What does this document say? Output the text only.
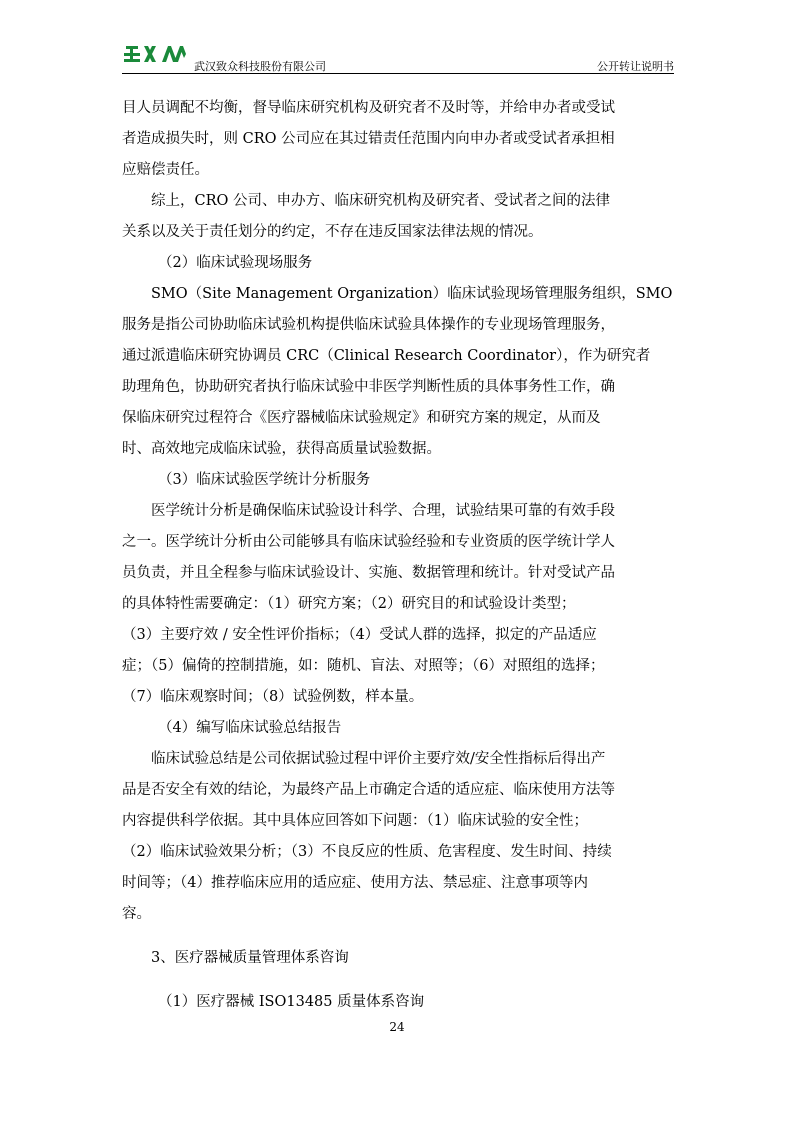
武汉致众科技股份有限公司	公开转让说明书
目人员调配不均衡，督导临床研究机构及研究者不及时等，并给申办者或受试
者造成损失时，则 CRO 公司应在其过错责任范围内向申办者或受试者承担相
应赔偿责任。
综上，CRO 公司、申办方、临床研究机构及研究者、受试者之间的法律
关系以及关于责任划分的约定，不存在违反国家法律法规的情况。
（2）临床试验现场服务
SMO（Site Management Organization）临床试验现场管理服务组织，SMO
服务是指公司协助临床试验机构提供临床试验具体操作的专业现场管理服务，
通过派遣临床研究协调员 CRC（Clinical Research Coordinator），作为研究者
助理角色，协助研究者执行临床试验中非医学判断性质的具体事务性工作，确
保临床研究过程符合《医疗器械临床试验规定》和研究方案的规定，从而及
时、高效地完成临床试验，获得高质量试验数据。
（3）临床试验医学统计分析服务
医学统计分析是确保临床试验设计科学、合理，试验结果可靠的有效手段
之一。医学统计分析由公司能够具有临床试验经验和专业资质的医学统计学人
员负责，并且全程参与临床试验设计、实施、数据管理和统计。针对受试产品
的具体特性需要确定：（1）研究方案；（2）研究目的和试验设计类型；
（3）主要疗效 / 安全性评价指标；（4）受试人群的选择，拟定的产品适应
症；（5）偏倚的控制措施，如：随机、盲法、对照等；（6）对照组的选择；
（7）临床观察时间；（8）试验例数，样本量。
（4）编写临床试验总结报告
临床试验总结是公司依据试验过程中评价主要疗效/安全性指标后得出产
品是否安全有效的结论，为最终产品上市确定合适的适应症、临床使用方法等
内容提供科学依据。其中具体应回答如下问题：（1）临床试验的安全性；
（2）临床试验效果分析；（3）不良反应的性质、危害程度、发生时间、持续
时间等；（4）推荐临床应用的适应症、使用方法、禁忌症、注意事项等内
容。
3、医疗器械质量管理体系咨询
（1）医疗器械 ISO13485 质量体系咨询
24
